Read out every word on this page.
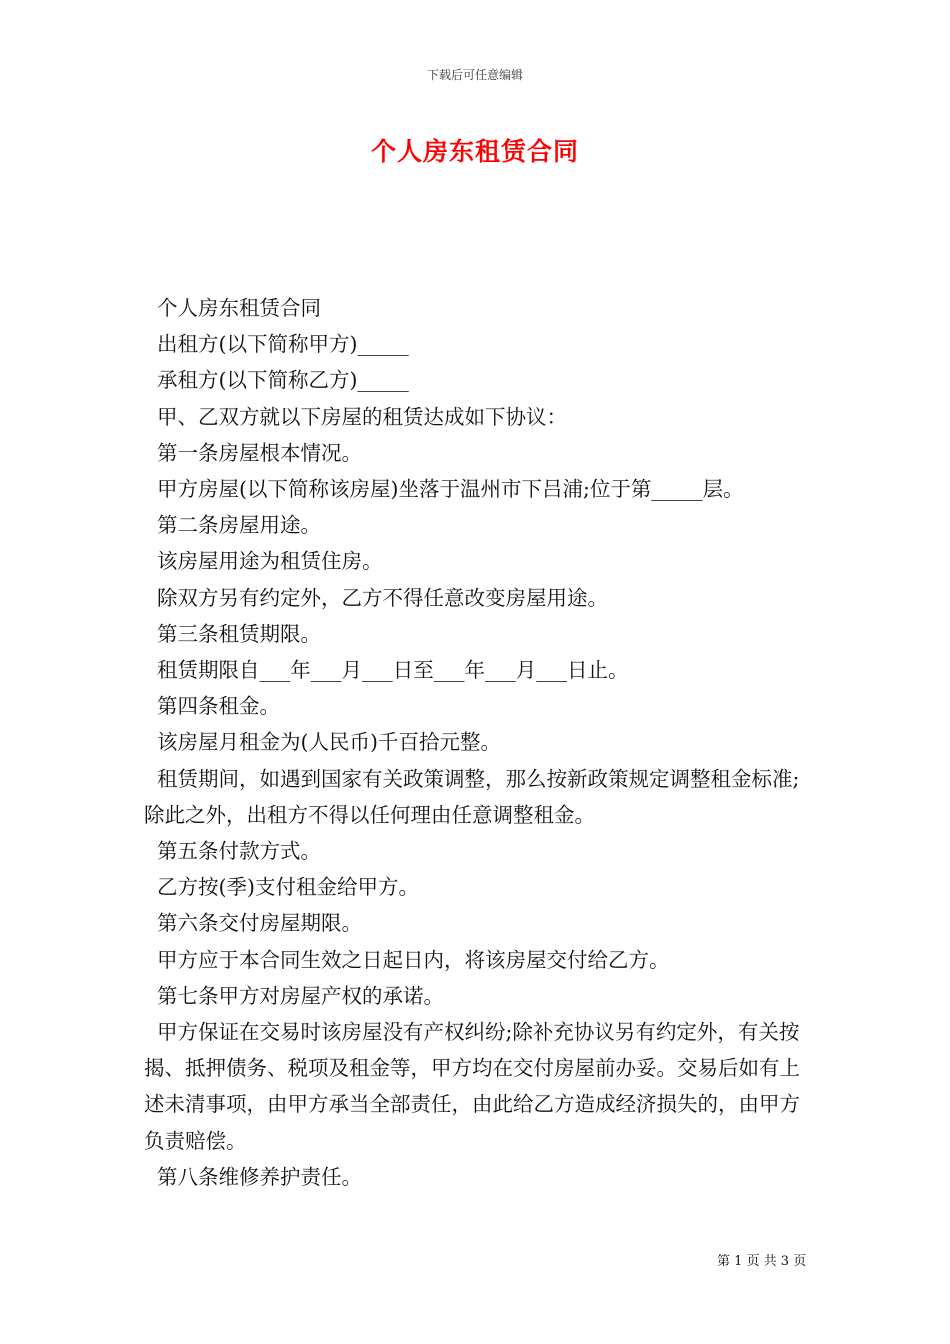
下载后可任意编辑
个人房东租赁合同

个人房东租赁合同

出租方(以下简称甲方)_____

承租方(以下简称乙方)_____

甲、乙双方就以下房屋的租赁达成如下协议：

第一条房屋根本情况。

甲方房屋(以下简称该房屋)坐落于温州市下吕浦;位于第_____层。

第二条房屋用途。

该房屋用途为租赁住房。

除双方另有约定外，乙方不得任意改变房屋用途。

第三条租赁期限。

租赁期限自___年___月___日至___年___月___日止。

第四条租金。

该房屋月租金为(人民币)千百拾元整。

租赁期间，如遇到国家有关政策调整，那么按新政策规定调整租金标准;除此之外，出租方不得以任何理由任意调整租金。

第五条付款方式。

乙方按(季)支付租金给甲方。

第六条交付房屋期限。

甲方应于本合同生效之日起日内，将该房屋交付给乙方。

第七条甲方对房屋产权的承诺。

甲方保证在交易时该房屋没有产权纠纷;除补充协议另有约定外，有关按揭、抵押债务、税项及租金等，甲方均在交付房屋前办妥。交易后如有上述未清事项，由甲方承当全部责任，由此给乙方造成经济损失的，由甲方负责赔偿。

第八条维修养护责任。

第 1 页 共 3 页
